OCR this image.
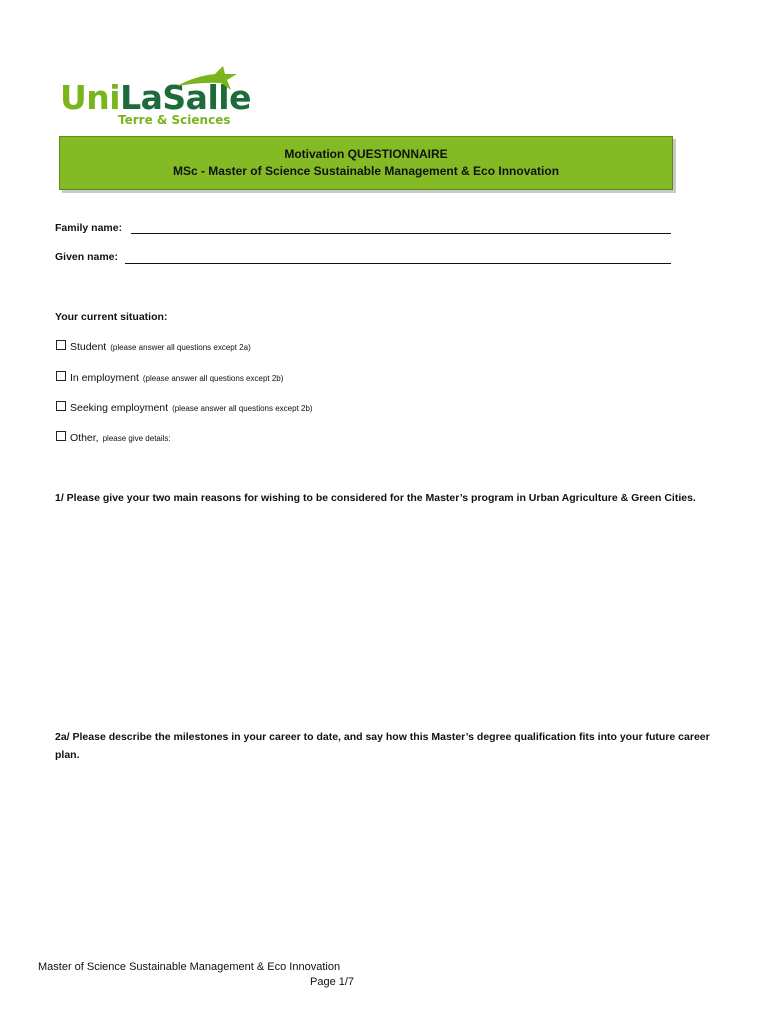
UniLaSalle
Terre & Sciences
Motivation QUESTIONNAIRE
MSc - Master of Science Sustainable Management & Eco Innovation
Family name:
Given name:
Your current situation:
Student (please answer all questions except 2a)
In employment (please answer all questions except 2b)
Seeking employment (please answer all questions except 2b)
Other, please give details:
1/ Please give your two main reasons for wishing to be considered for the Master’s program in Urban Agriculture & Green Cities.
2a/ Please describe the milestones in your career to date, and say how this Master’s degree qualification fits into your future career plan.
Master of Science Sustainable Management & Eco Innovation
Page 1/7
